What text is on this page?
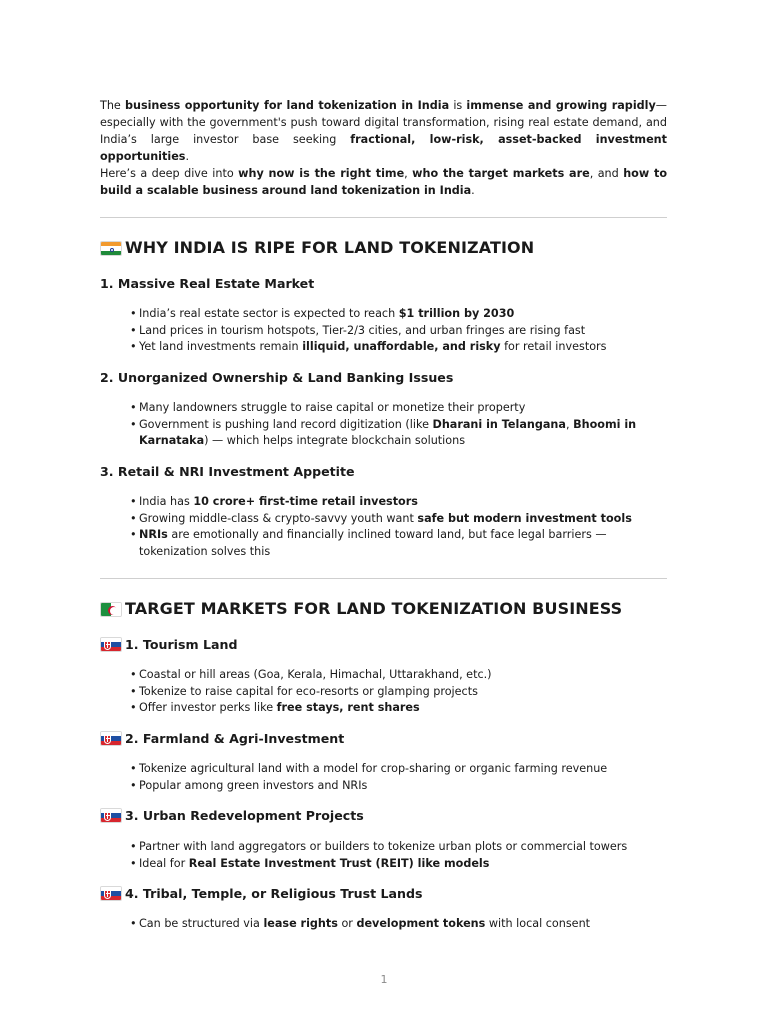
The business opportunity for land tokenization in India is immense and growing rapidly—especially with the government's push toward digital transformation, rising real estate demand, and India’s large investor base seeking fractional, low-risk, asset-backed investment opportunities.

Here’s a deep dive into why now is the right time, who the target markets are, and how to build a scalable business around land tokenization in India.

WHY INDIA IS RIPE FOR LAND TOKENIZATION
1. Massive Real Estate Market
• India’s real estate sector is expected to reach $1 trillion by 2030
• Land prices in tourism hotspots, Tier-2/3 cities, and urban fringes are rising fast
• Yet land investments remain illiquid, unaffordable, and risky for retail investors
2. Unorganized Ownership & Land Banking Issues
• Many landowners struggle to raise capital or monetize their property
• Government is pushing land record digitization (like Dharani in Telangana, Bhoomi in Karnataka) — which helps integrate blockchain solutions
3. Retail & NRI Investment Appetite
• India has 10 crore+ first-time retail investors
• Growing middle-class & crypto-savvy youth want safe but modern investment tools
• NRIs are emotionally and financially inclined toward land, but face legal barriers — tokenization solves this
TARGET MARKETS FOR LAND TOKENIZATION BUSINESS
1. Tourism Land
• Coastal or hill areas (Goa, Kerala, Himachal, Uttarakhand, etc.)
• Tokenize to raise capital for eco-resorts or glamping projects
• Offer investor perks like free stays, rent shares
2. Farmland & Agri-Investment
• Tokenize agricultural land with a model for crop-sharing or organic farming revenue
• Popular among green investors and NRIs
3. Urban Redevelopment Projects
• Partner with land aggregators or builders to tokenize urban plots or commercial towers
• Ideal for Real Estate Investment Trust (REIT) like models
4. Tribal, Temple, or Religious Trust Lands
• Can be structured via lease rights or development tokens with local consent
1
